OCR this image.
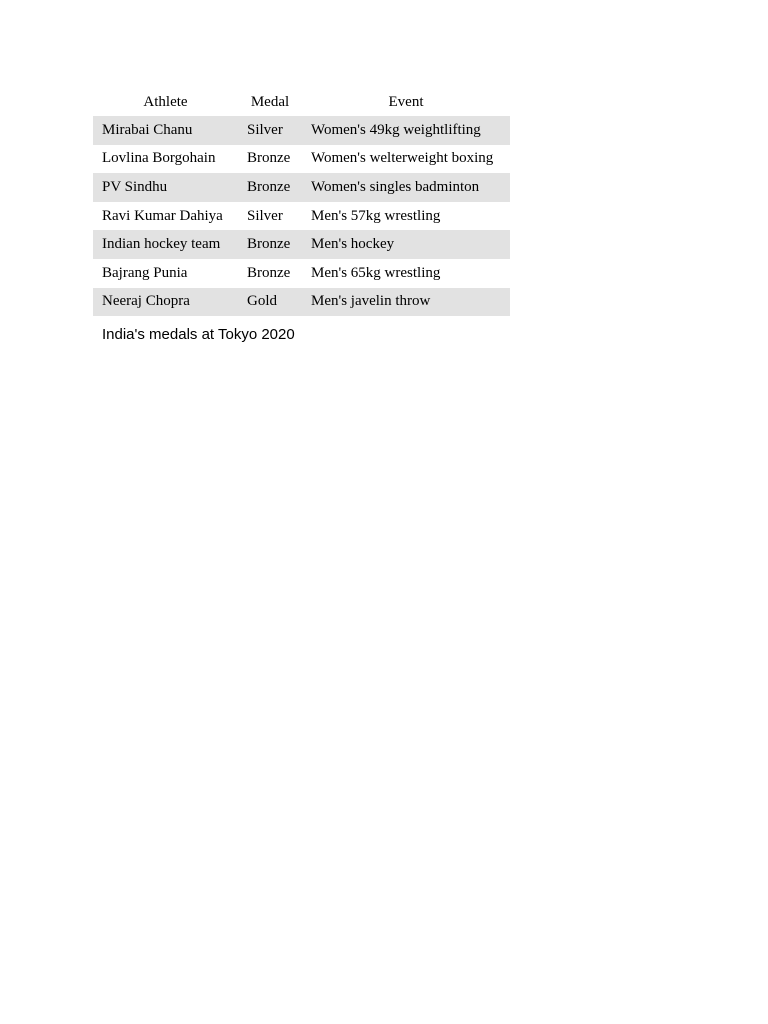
Athlete	Medal	Event
Mirabai Chanu	Silver	Women's 49kg weightlifting
Lovlina Borgohain	Bronze	Women's welterweight boxing
PV Sindhu	Bronze	Women's singles badminton
Ravi Kumar Dahiya	Silver	Men's 57kg wrestling
Indian hockey team	Bronze	Men's hockey
Bajrang Punia	Bronze	Men's 65kg wrestling
Neeraj Chopra	Gold	Men's javelin throw
India's medals at Tokyo 2020
